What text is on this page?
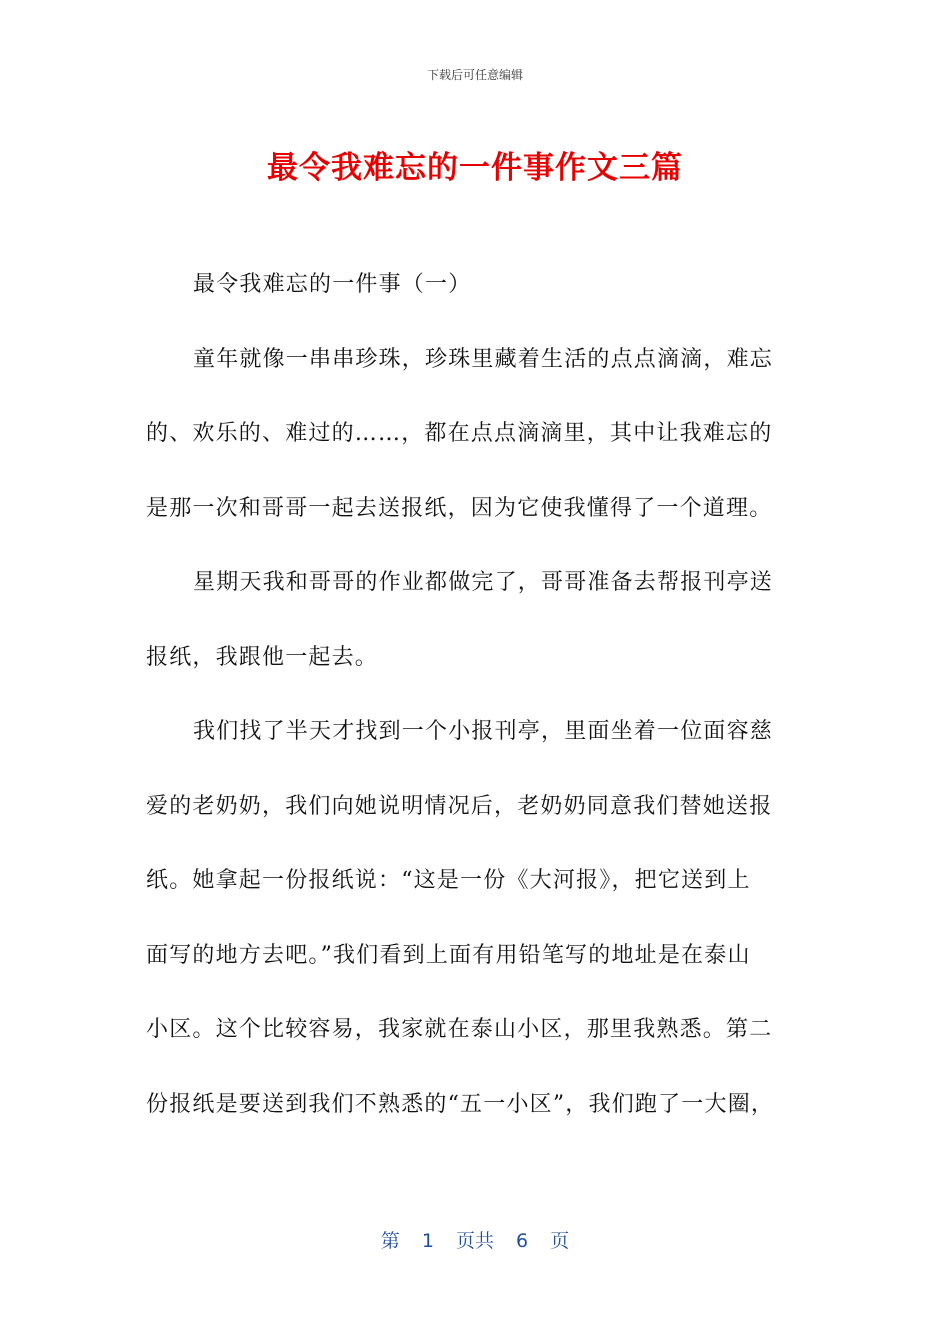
下载后可任意编辑
最令我难忘的一件事作文三篇
最令我难忘的一件事（一）
童年就像一串串珍珠，珍珠里藏着生活的点点滴滴，难忘
的、欢乐的、难过的……，都在点点滴滴里，其中让我难忘的
是那一次和哥哥一起去送报纸，因为它使我懂得了一个道理。
星期天我和哥哥的作业都做完了，哥哥准备去帮报刊亭送
报纸，我跟他一起去。
我们找了半天才找到一个小报刊亭，里面坐着一位面容慈
爱的老奶奶，我们向她说明情况后，老奶奶同意我们替她送报
纸。她拿起一份报纸说：“这是一份《大河报》，把它送到上
面写的地方去吧。”我们看到上面有用铅笔写的地址是在泰山
小区。这个比较容易，我家就在泰山小区，那里我熟悉。第二
份报纸是要送到我们不熟悉的“五一小区”，我们跑了一大圈，
第 1 页共 6 页
